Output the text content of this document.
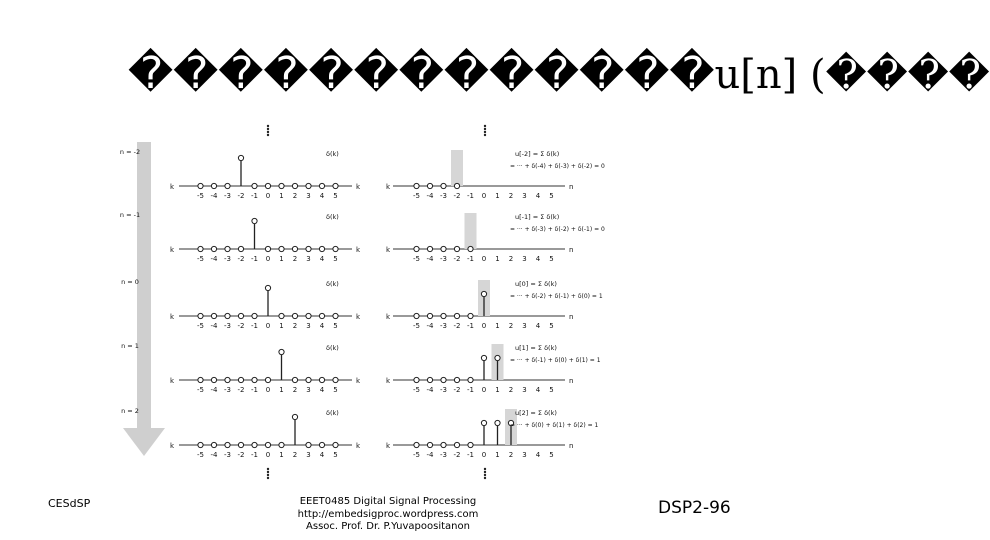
�������������u[n] (����
k	k
-5 -4 -3 -2 -1 0 1 2 3 4 5
n = -2	δ(k)
k	n
-5 -4 -3 -2 -1 0 1 2 3 4 5
u[-2] = Σ δ(k)
= ··· + δ(-4) + δ(-3) + δ(-2) = 0
k	k
-5 -4 -3 -2 -1 0 1 2 3 4 5
n = -1	δ(k)
k	n
-5 -4 -3 -2 -1 0 1 2 3 4 5
u[-1] = Σ δ(k)
= ··· + δ(-3) + δ(-2) + δ(-1) = 0
k	k
-5 -4 -3 -2 -1 0 1 2 3 4 5
n = 0	δ(k)
k	n
-5 -4 -3 -2 -1 0 1 2 3 4 5
u[0] = Σ δ(k)
= ··· + δ(-2) + δ(-1) + δ(0) = 1
k	k
-5 -4 -3 -2 -1 0 1 2 3 4 5
n = 1	δ(k)
k	n
-5 -4 -3 -2 -1 0 1 2 3 4 5
u[1] = Σ δ(k)
= ··· + δ(-1) + δ(0) + δ(1) = 1
k	k
-5 -4 -3 -2 -1 0 1 2 3 4 5
n = 2	δ(k)
k	n
-5 -4 -3 -2 -1 0 1 2 3 4 5
u[2] = Σ δ(k)
= ··· + δ(0) + δ(1) + δ(2) = 1
CESdSP	EEET0485 Digital Signal Processing
http://embedsigproc.wordpress.com
Assoc. Prof. Dr. P.Yuvapoositanon
DSP2-96
